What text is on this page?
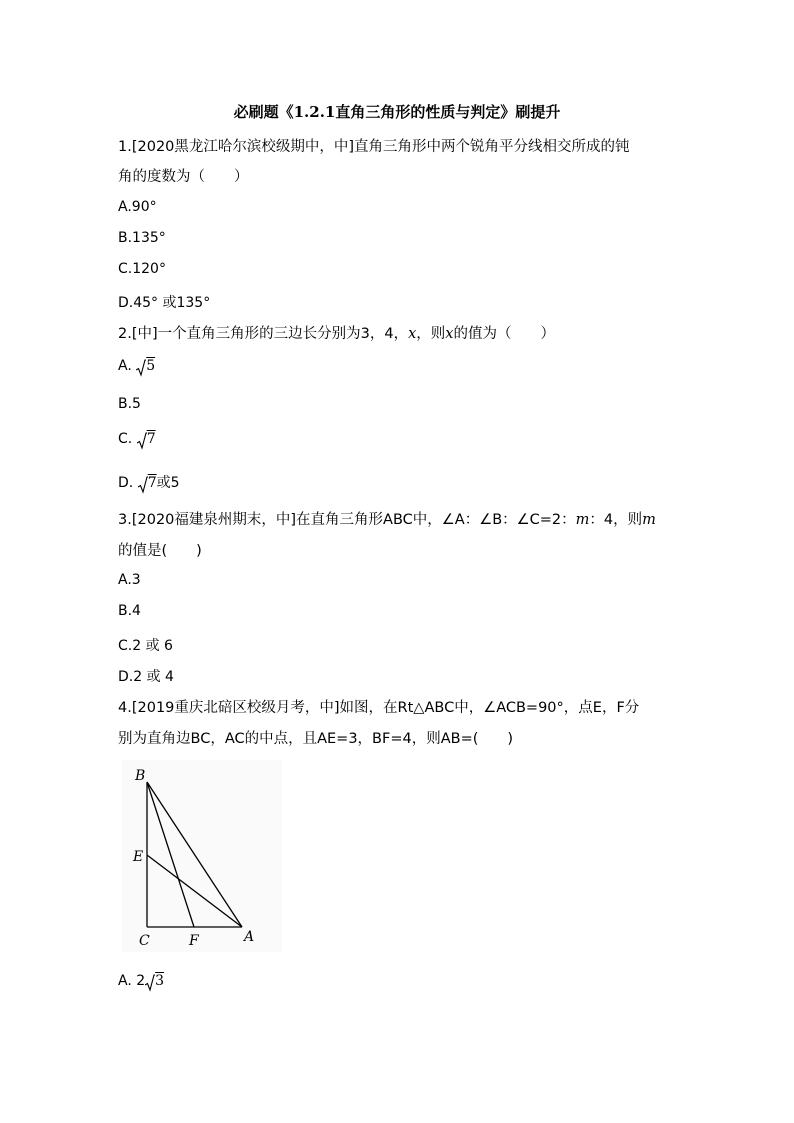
必刷题《1.2.1直角三角形的性质与判定》刷提升
1.[2020黑龙江哈尔滨校级期中，中]直角三角形中两个锐角平分线相交所成的钝
角的度数为（　　）
A.90°
B.135°
C.120°
D.45° 或135°
2.[中]一个直角三角形的三边长分别为3，4，x，则x的值为（　　）
A. 5
B.5
C. 7
D. 7或5
3.[2020福建泉州期末，中]在直角三角形ABC中，∠A：∠B：∠C=2：m：4，则m
的值是(　　)
A.3
B.4
C.2 或 6
D.2 或 4
4.[2019重庆北碚区校级月考，中]如图，在Rt△ABC中，∠ACB=90°，点E，F分
别为直角边BC，AC的中点，且AE=3，BF=4，则AB=(　　)
B
E
C	F	A
A. 2 3
